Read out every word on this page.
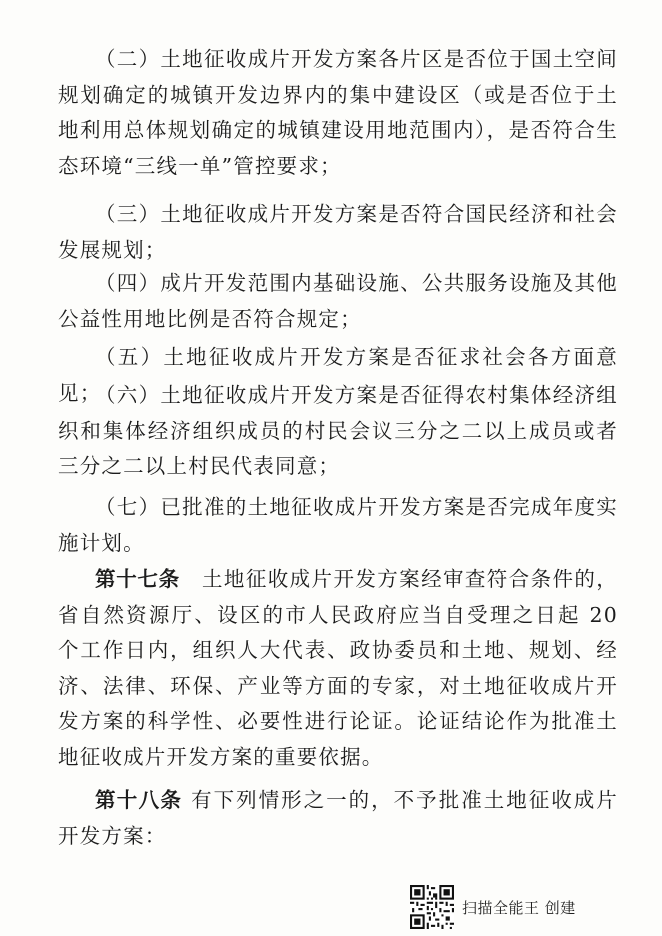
（二）土地征收成片开发方案各片区是否位于国土空间规划确定的城镇开发边界内的集中建设区（或是否位于土地利用总体规划确定的城镇建设用地范围内），是否符合生态环境“三线一单”管控要求；

（三）土地征收成片开发方案是否符合国民经济和社会发展规划；

（四）成片开发范围内基础设施、公共服务设施及其他公益性用地比例是否符合规定；

（五）土地征收成片开发方案是否征求社会各方面意见；

（六）土地征收成片开发方案是否征得农村集体经济组织和集体经济组织成员的村民会议三分之二以上成员或者三分之二以上村民代表同意；

（七）已批准的土地征收成片开发方案是否完成年度实施计划。

第十七条 土地征收成片开发方案经审查符合条件的，省自然资源厅、设区的市人民政府应当自受理之日起 20 个工作日内，组织人大代表、政协委员和土地、规划、经济、法律、环保、产业等方面的专家，对土地征收成片开发方案的科学性、必要性进行论证。论证结论作为批准土地征收成片开发方案的重要依据。

第十八条 有下列情形之一的，不予批准土地征收成片开发方案：

扫描全能王 创建
